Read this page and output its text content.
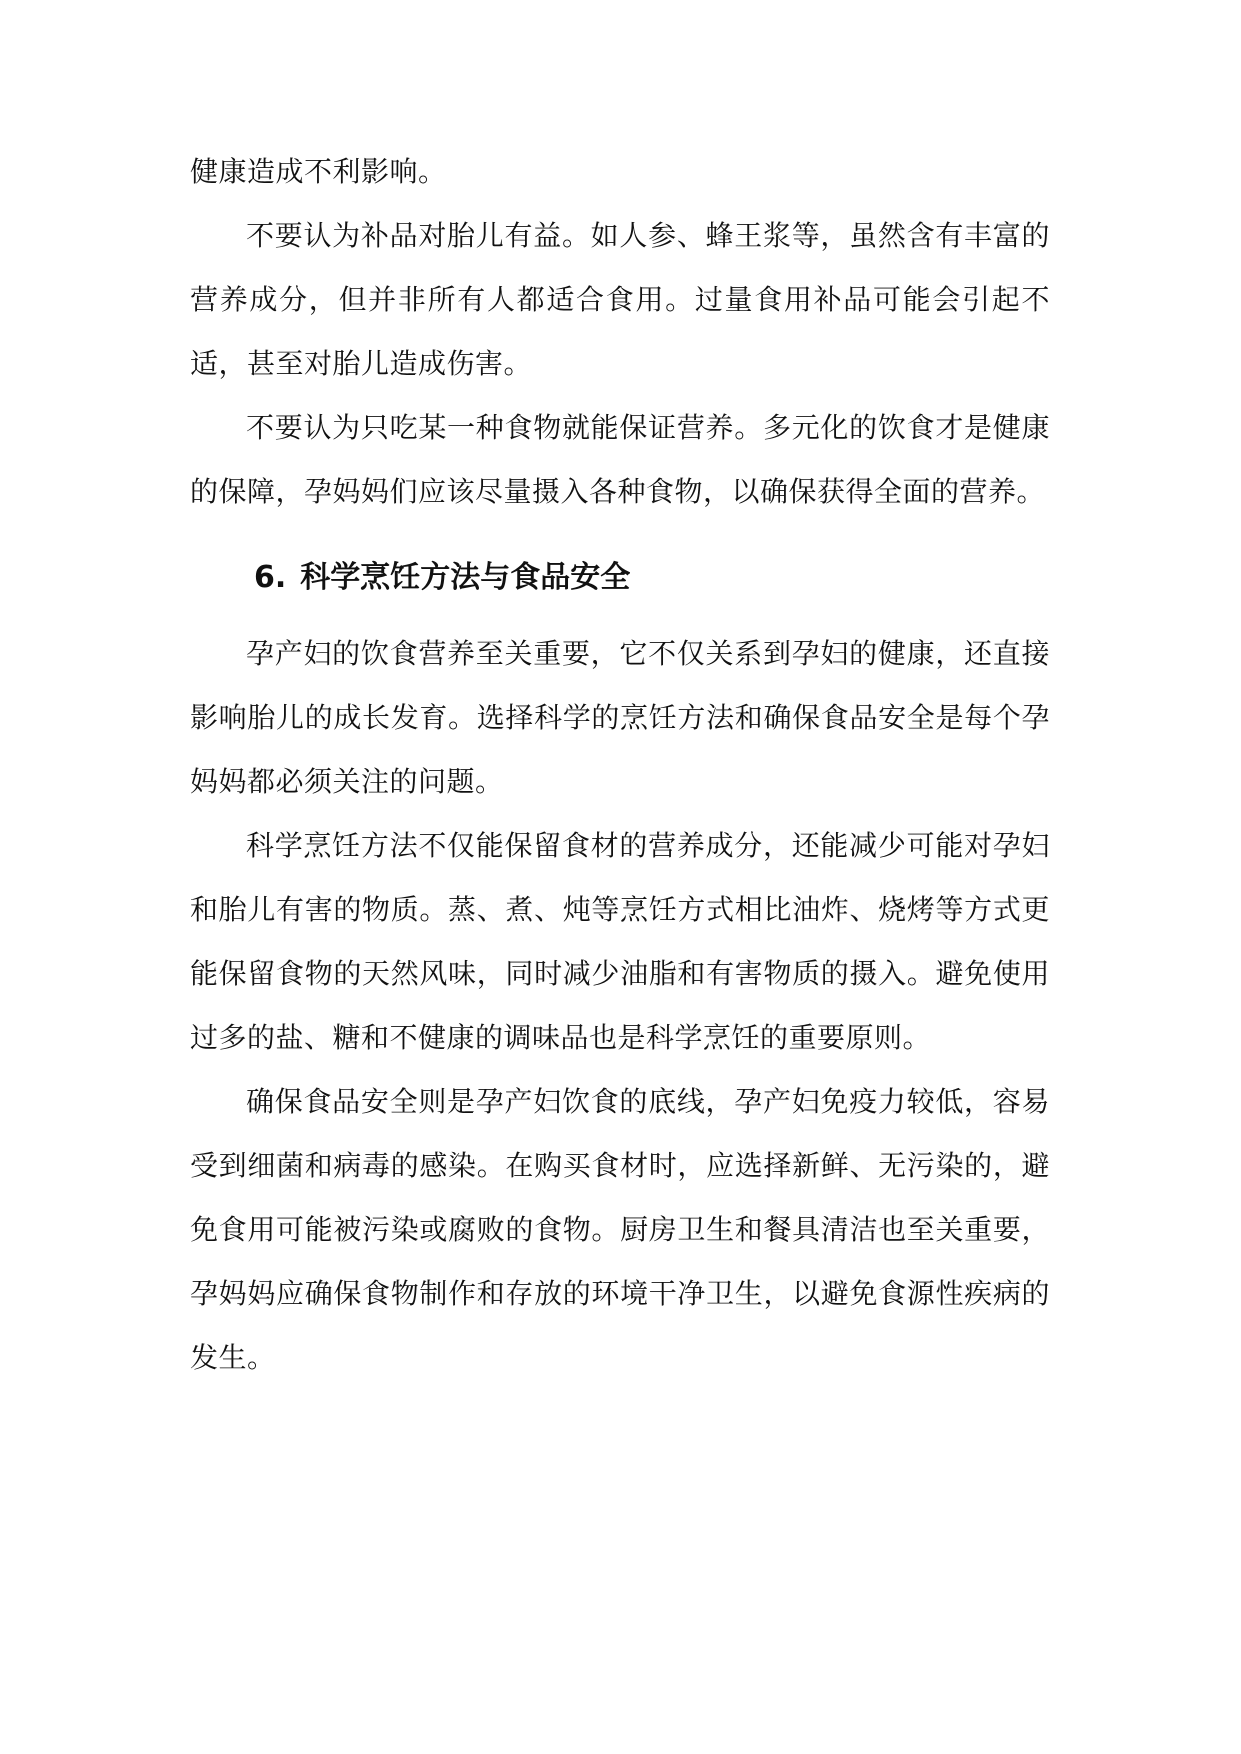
健康造成不利影响。

不要认为补品对胎儿有益。如人参、蜂王浆等，虽然含有丰富的营养成分，但并非所有人都适合食用。过量食用补品可能会引起不适，甚至对胎儿造成伤害。

不要认为只吃某一种食物就能保证营养。多元化的饮食才是健康的保障，孕妈妈们应该尽量摄入各种食物，以确保获得全面的营养。

6. 科学烹饪方法与食品安全

孕产妇的饮食营养至关重要，它不仅关系到孕妇的健康，还直接影响胎儿的成长发育。选择科学的烹饪方法和确保食品安全是每个孕妈妈都必须关注的问题。

科学烹饪方法不仅能保留食材的营养成分，还能减少可能对孕妇和胎儿有害的物质。蒸、煮、炖等烹饪方式相比油炸、烧烤等方式更能保留食物的天然风味，同时减少油脂和有害物质的摄入。避免使用过多的盐、糖和不健康的调味品也是科学烹饪的重要原则。

确保食品安全则是孕产妇饮食的底线，孕产妇免疫力较低，容易受到细菌和病毒的感染。在购买食材时，应选择新鲜、无污染的，避免食用可能被污染或腐败的食物。厨房卫生和餐具清洁也至关重要，孕妈妈应确保食物制作和存放的环境干净卫生，以避免食源性疾病的发生。
